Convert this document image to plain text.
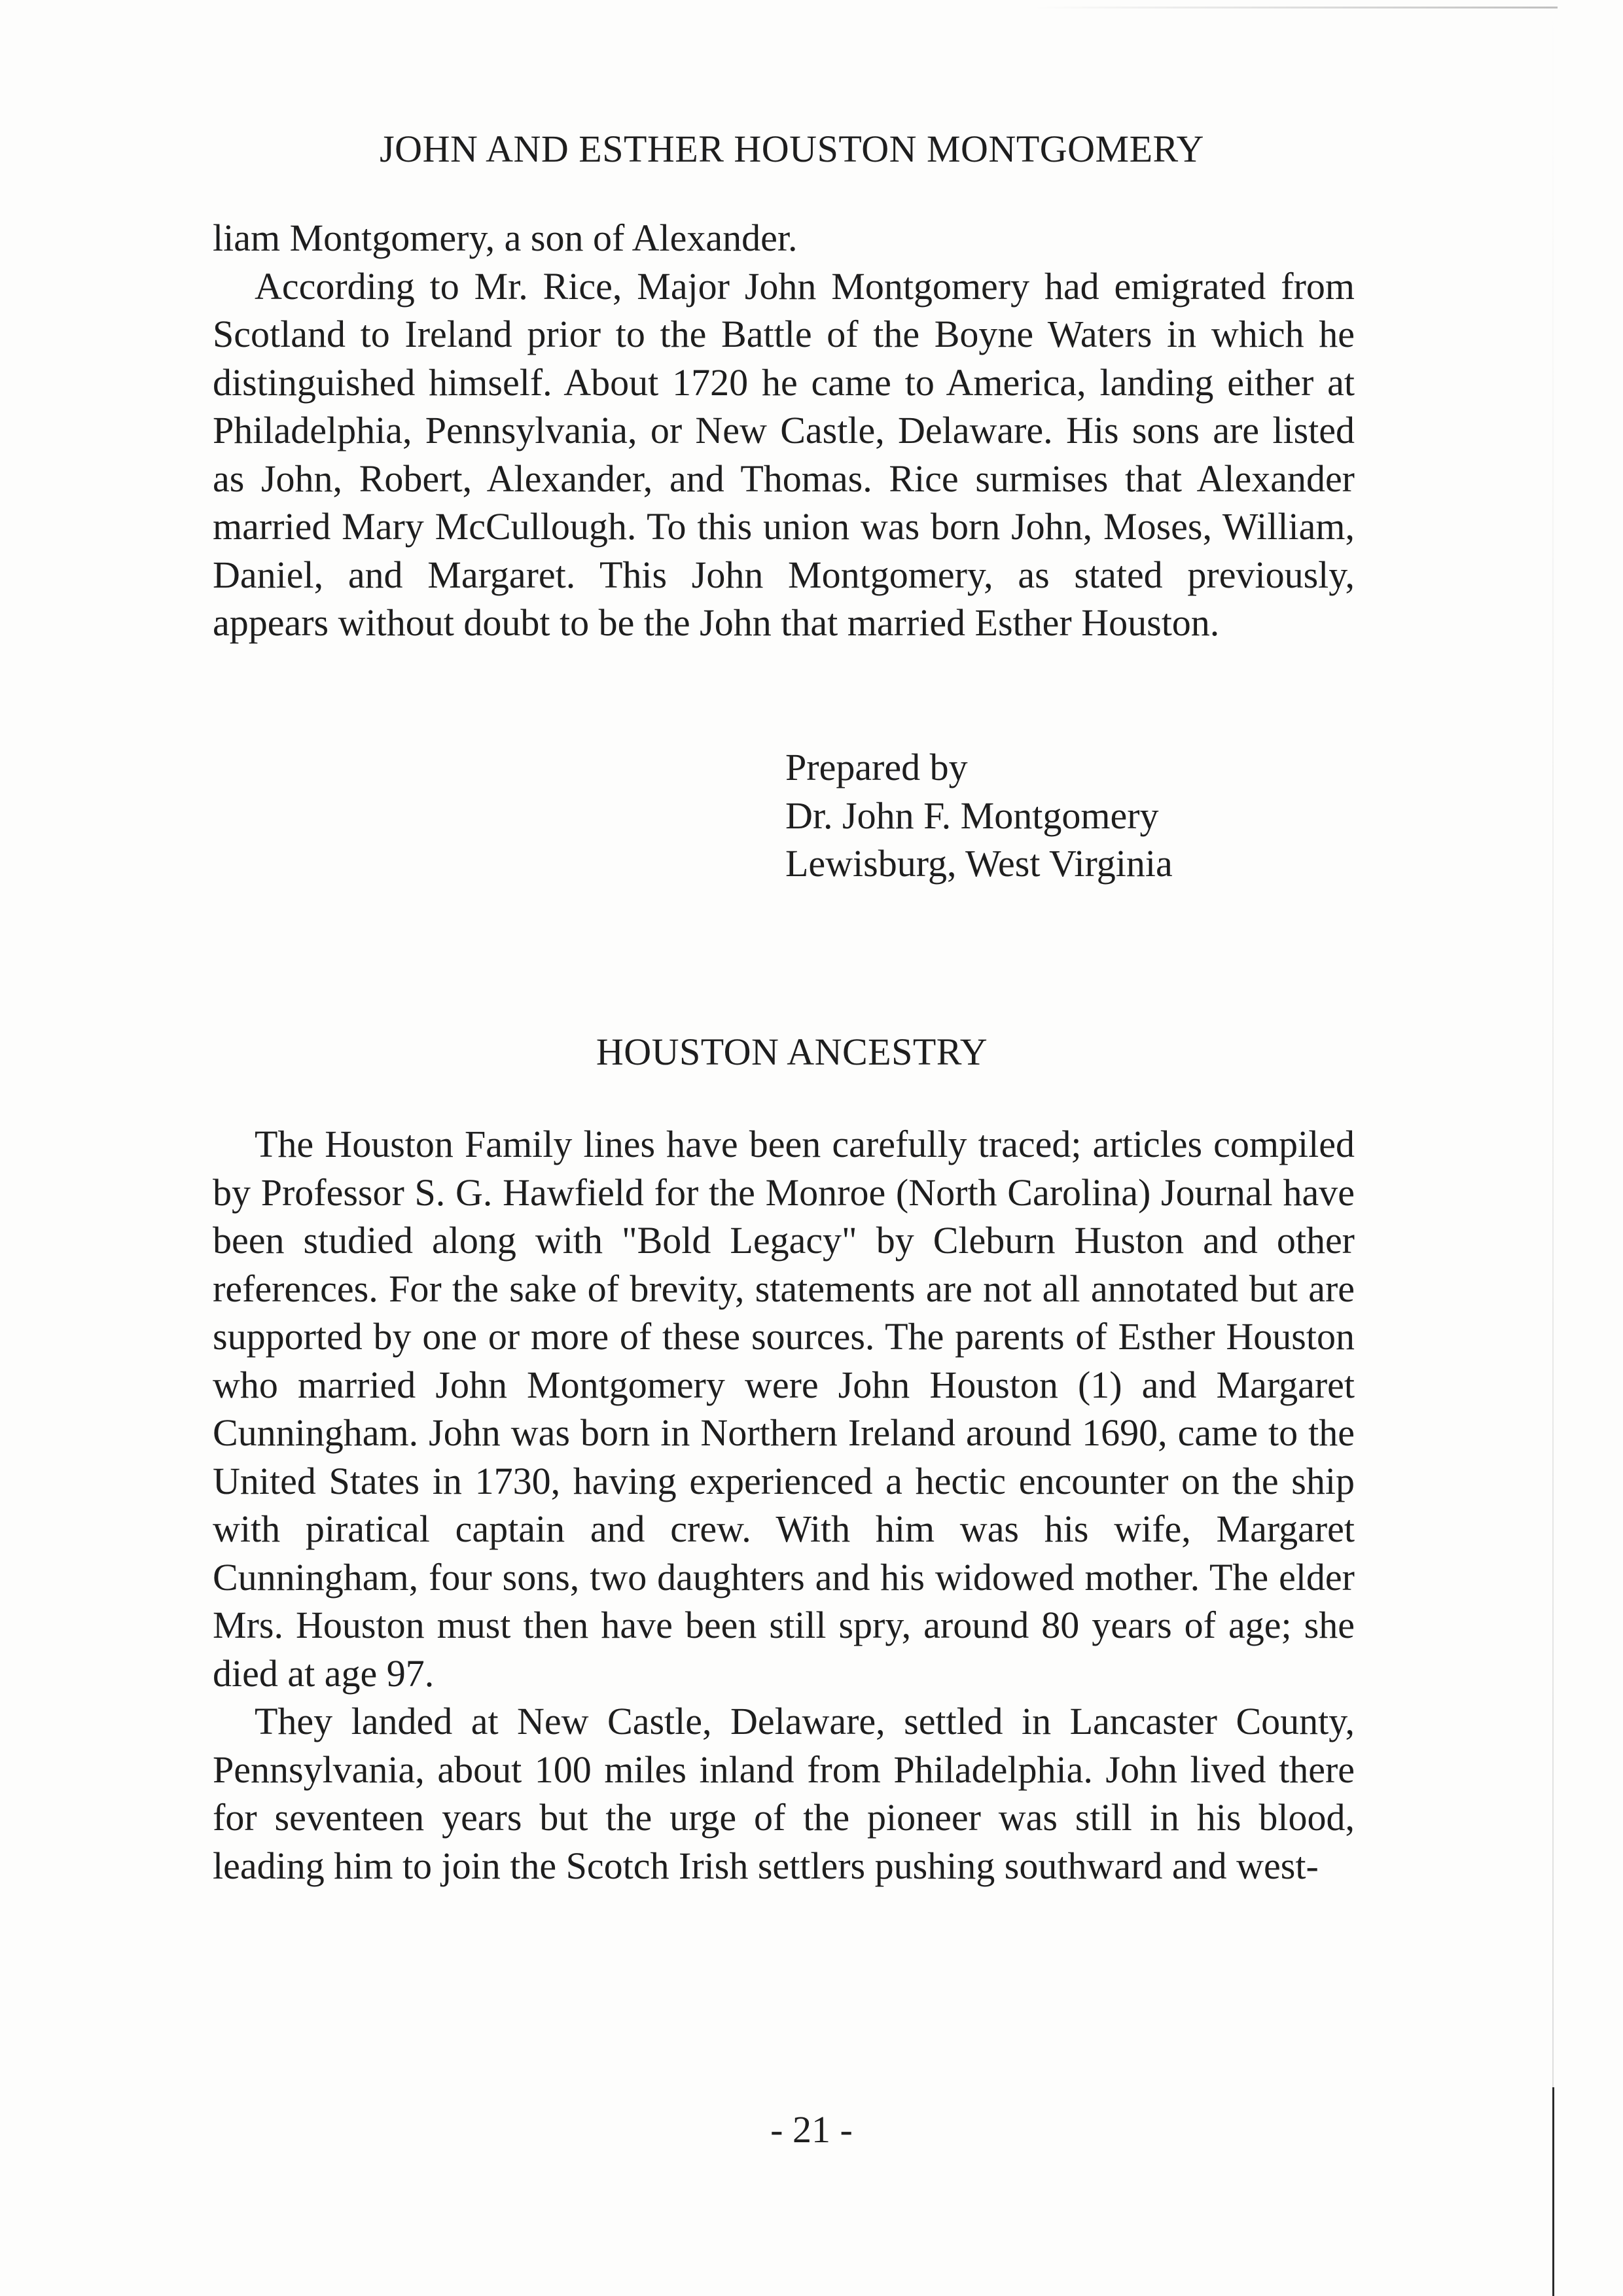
JOHN AND ESTHER HOUSTON MONTGOMERY

liam Montgomery, a son of Alexander.

According to Mr. Rice, Major John Montgomery had emigrated from Scotland to Ireland prior to the Battle of the Boyne Waters in which he distinguished himself. About 1720 he came to America, landing either at Philadelphia, Pennsylvania, or New Castle, Delaware. His sons are listed as John, Robert, Alexander, and Thomas. Rice surmises that Alexander married Mary McCullough. To this union was born John, Moses, William, Daniel, and Margaret. This John Montgomery, as stated previously, appears without doubt to be the John that married Esther Houston.

Prepared by
Dr. John F. Montgomery
Lewisburg, West Virginia
HOUSTON ANCESTRY

The Houston Family lines have been carefully traced; articles compiled by Professor S. G. Hawfield for the Monroe (North Carolina) Journal have been studied along with "Bold Legacy" by Cleburn Huston and other references. For the sake of brevity, statements are not all annotated but are supported by one or more of these sources. The parents of Esther Houston who married John Montgomery were John Houston (1) and Margaret Cunningham. John was born in Northern Ireland around 1690, came to the United States in 1730, having experienced a hectic encounter on the ship with piratical captain and crew. With him was his wife, Margaret Cunningham, four sons, two daughters and his widowed mother. The elder Mrs. Houston must then have been still spry, around 80 years of age; she died at age 97.

They landed at New Castle, Delaware, settled in Lancaster County, Pennsylvania, about 100 miles inland from Philadelphia. John lived there for seventeen years but the urge of the pioneer was still in his blood, leading him to join the Scotch Irish settlers pushing southward and west-

- 21 -
